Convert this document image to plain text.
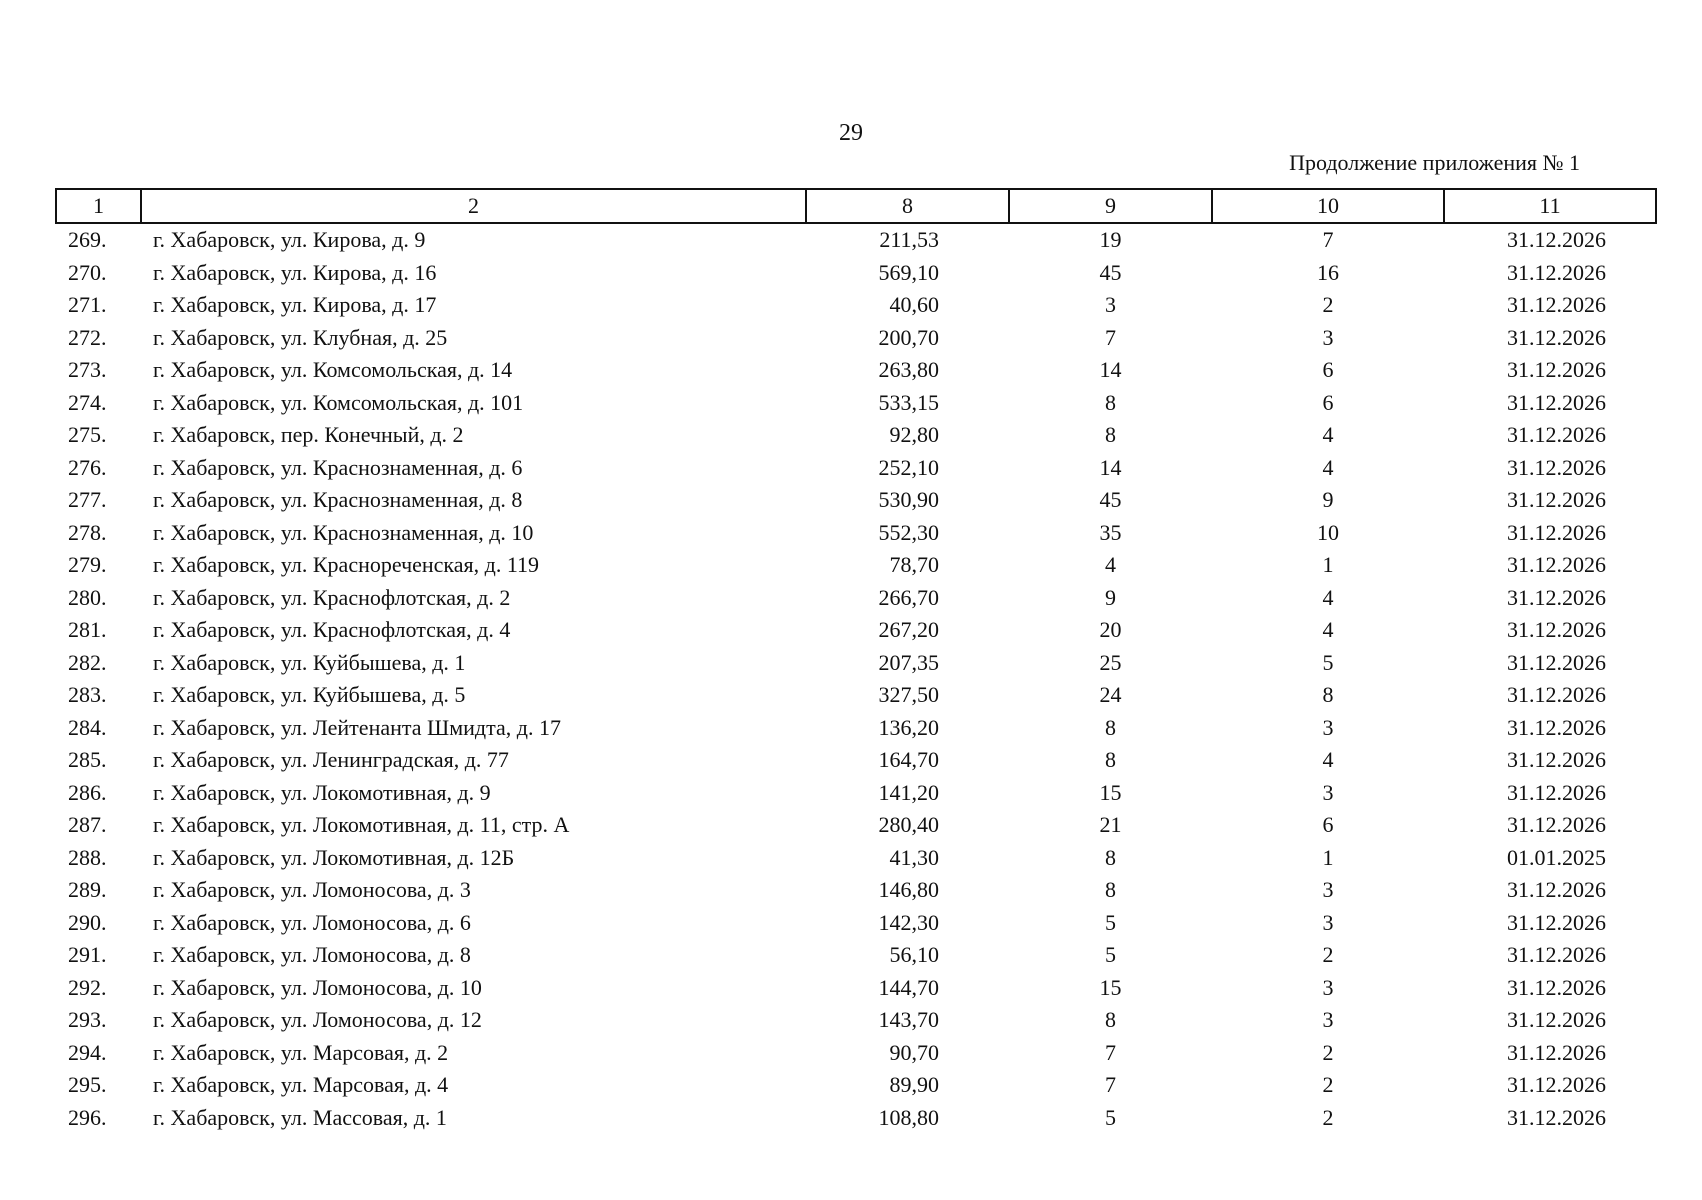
29
Продолжение приложения № 1
1	2	8	9	10	11
269.	г. Хабаровск, ул. Кирова, д. 9	211,53	19	7	31.12.2026
270.	г. Хабаровск, ул. Кирова, д. 16	569,10	45	16	31.12.2026
271.	г. Хабаровск, ул. Кирова, д. 17	40,60	3	2	31.12.2026
272.	г. Хабаровск, ул. Клубная, д. 25	200,70	7	3	31.12.2026
273.	г. Хабаровск, ул. Комсомольская, д. 14	263,80	14	6	31.12.2026
274.	г. Хабаровск, ул. Комсомольская, д. 101	533,15	8	6	31.12.2026
275.	г. Хабаровск, пер. Конечный, д. 2	92,80	8	4	31.12.2026
276.	г. Хабаровск, ул. Краснознаменная, д. 6	252,10	14	4	31.12.2026
277.	г. Хабаровск, ул. Краснознаменная, д. 8	530,90	45	9	31.12.2026
278.	г. Хабаровск, ул. Краснознаменная, д. 10	552,30	35	10	31.12.2026
279.	г. Хабаровск, ул. Краснореченская, д. 119	78,70	4	1	31.12.2026
280.	г. Хабаровск, ул. Краснофлотская, д. 2	266,70	9	4	31.12.2026
281.	г. Хабаровск, ул. Краснофлотская, д. 4	267,20	20	4	31.12.2026
282.	г. Хабаровск, ул. Куйбышева, д. 1	207,35	25	5	31.12.2026
283.	г. Хабаровск, ул. Куйбышева, д. 5	327,50	24	8	31.12.2026
284.	г. Хабаровск, ул. Лейтенанта Шмидта, д. 17	136,20	8	3	31.12.2026
285.	г. Хабаровск, ул. Ленинградская, д. 77	164,70	8	4	31.12.2026
286.	г. Хабаровск, ул. Локомотивная, д. 9	141,20	15	3	31.12.2026
287.	г. Хабаровск, ул. Локомотивная, д. 11, стр. А	280,40	21	6	31.12.2026
288.	г. Хабаровск, ул. Локомотивная, д. 12Б	41,30	8	1	01.01.2025
289.	г. Хабаровск, ул. Ломоносова, д. 3	146,80	8	3	31.12.2026
290.	г. Хабаровск, ул. Ломоносова, д. 6	142,30	5	3	31.12.2026
291.	г. Хабаровск, ул. Ломоносова, д. 8	56,10	5	2	31.12.2026
292.	г. Хабаровск, ул. Ломоносова, д. 10	144,70	15	3	31.12.2026
293.	г. Хабаровск, ул. Ломоносова, д. 12	143,70	8	3	31.12.2026
294.	г. Хабаровск, ул. Марсовая, д. 2	90,70	7	2	31.12.2026
295.	г. Хабаровск, ул. Марсовая, д. 4	89,90	7	2	31.12.2026
296.	г. Хабаровск, ул. Массовая, д. 1	108,80	5	2	31.12.2026
